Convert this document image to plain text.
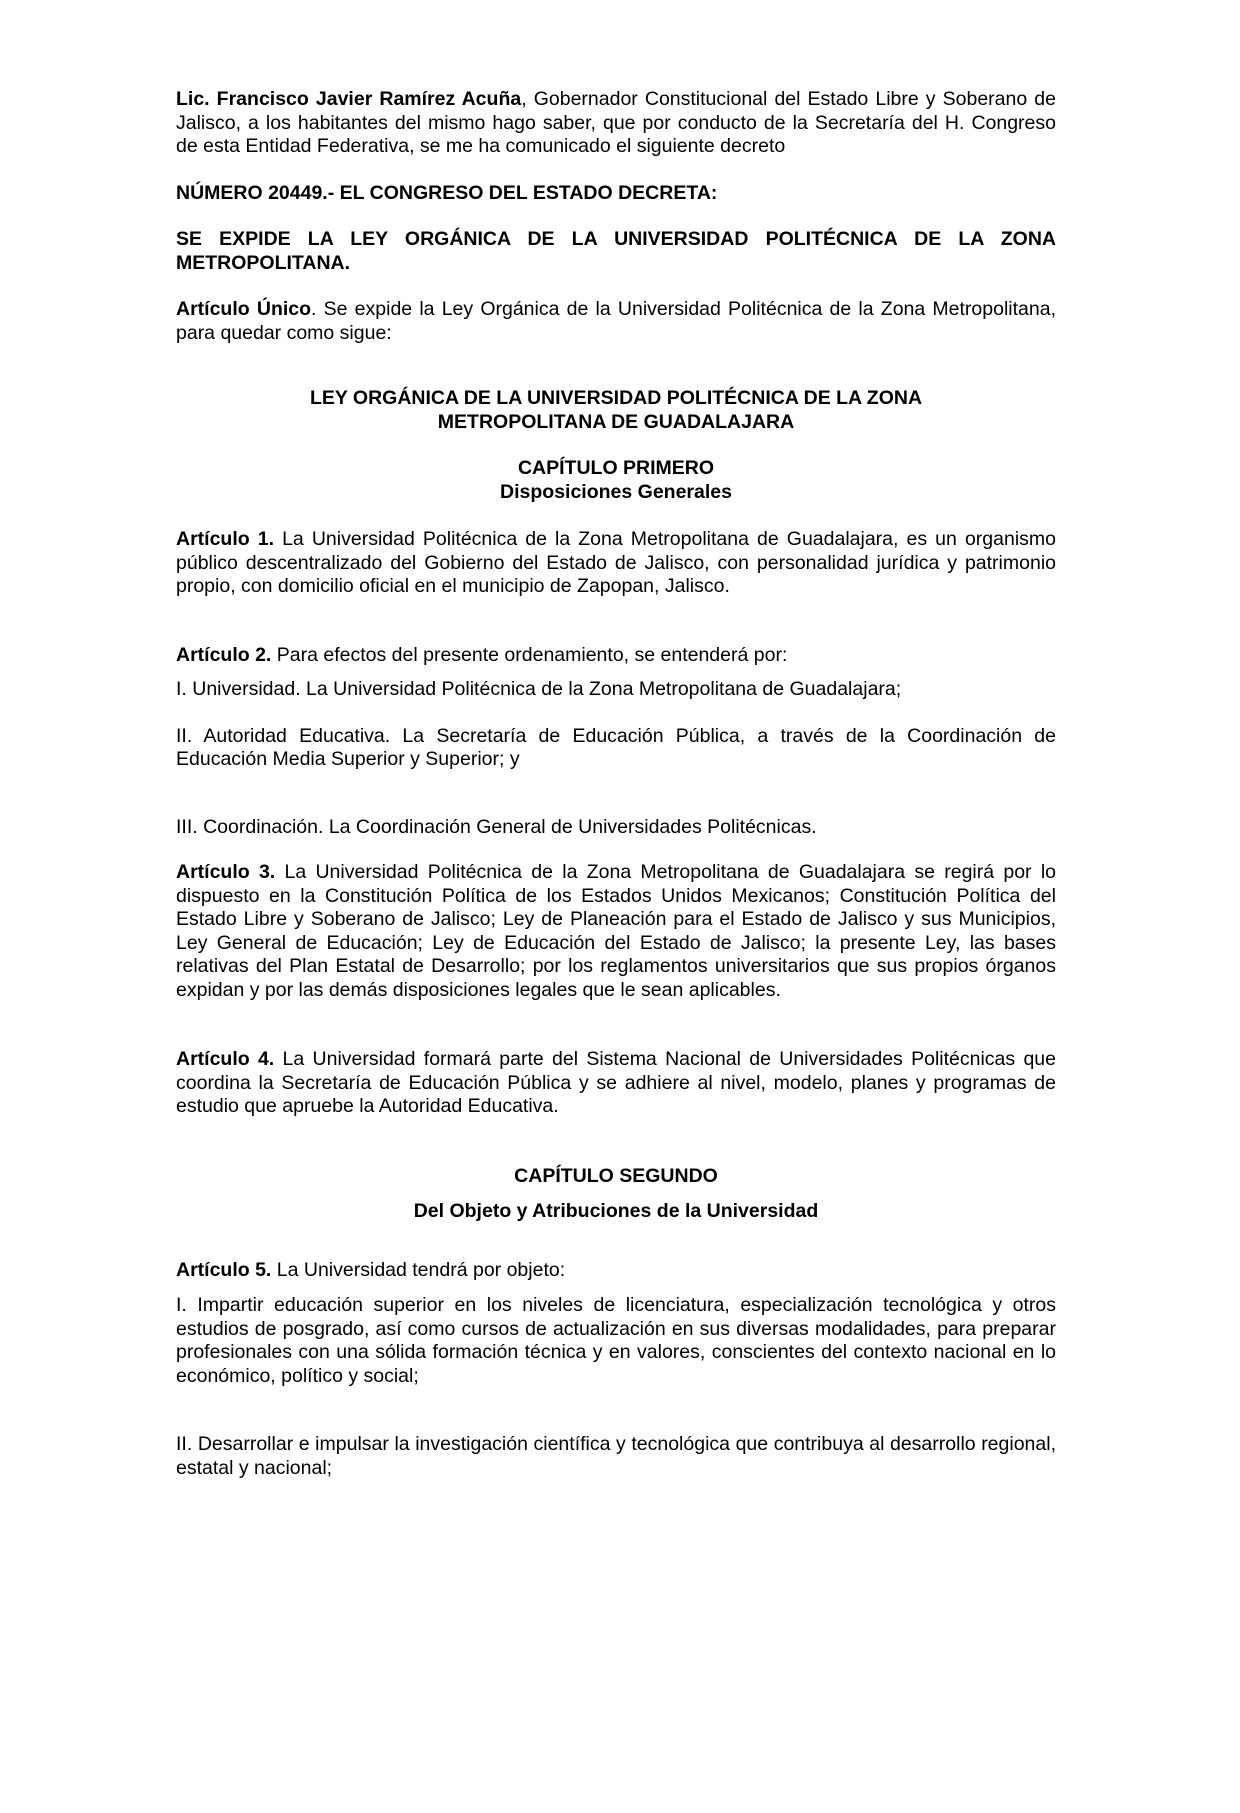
Lic. Francisco Javier Ramírez Acuña, Gobernador Constitucional del Estado Libre y Soberano de Jalisco, a los habitantes del mismo hago saber, que por conducto de la Secretaría del H. Congreso de esta Entidad Federativa, se me ha comunicado el siguiente decreto

NÚMERO 20449.- EL CONGRESO DEL ESTADO DECRETA:

SE EXPIDE LA LEY ORGÁNICA DE LA UNIVERSIDAD POLITÉCNICA DE LA ZONA METROPOLITANA.

Artículo Único. Se expide la Ley Orgánica de la Universidad Politécnica de la Zona Metropolitana, para quedar como sigue:

LEY ORGÁNICA DE LA UNIVERSIDAD POLITÉCNICA DE LA ZONA

METROPOLITANA DE GUADALAJARA

CAPÍTULO PRIMERO

Disposiciones Generales

Artículo 1. La Universidad Politécnica de la Zona Metropolitana de Guadalajara, es un organismo público descentralizado del Gobierno del Estado de Jalisco, con personalidad jurídica y patrimonio propio, con domicilio oficial en el municipio de Zapopan, Jalisco.

Artículo 2. Para efectos del presente ordenamiento, se entenderá por:

I. Universidad. La Universidad Politécnica de la Zona Metropolitana de Guadalajara;

II. Autoridad Educativa. La Secretaría de Educación Pública, a través de la Coordinación de Educación Media Superior y Superior; y

III. Coordinación. La Coordinación General de Universidades Politécnicas.

Artículo 3. La Universidad Politécnica de la Zona Metropolitana de Guadalajara se regirá por lo dispuesto en la Constitución Política de los Estados Unidos Mexicanos; Constitución Política del Estado Libre y Soberano de Jalisco; Ley de Planeación para el Estado de Jalisco y sus Municipios, Ley General de Educación; Ley de Educación del Estado de Jalisco; la presente Ley, las bases relativas del Plan Estatal de Desarrollo; por los reglamentos universitarios que sus propios órganos expidan y por las demás disposiciones legales que le sean aplicables.

Artículo 4. La Universidad formará parte del Sistema Nacional de Universidades Politécnicas que coordina la Secretaría de Educación Pública y se adhiere al nivel, modelo, planes y programas de estudio que apruebe la Autoridad Educativa.

CAPÍTULO SEGUNDO

Del Objeto y Atribuciones de la Universidad

Artículo 5. La Universidad tendrá por objeto:

I. Impartir educación superior en los niveles de licenciatura, especialización tecnológica y otros estudios de posgrado, así como cursos de actualización en sus diversas modalidades, para preparar profesionales con una sólida formación técnica y en valores, conscientes del contexto nacional en lo económico, político y social;

II. Desarrollar e impulsar la investigación científica y tecnológica que contribuya al desarrollo regional, estatal y nacional;
